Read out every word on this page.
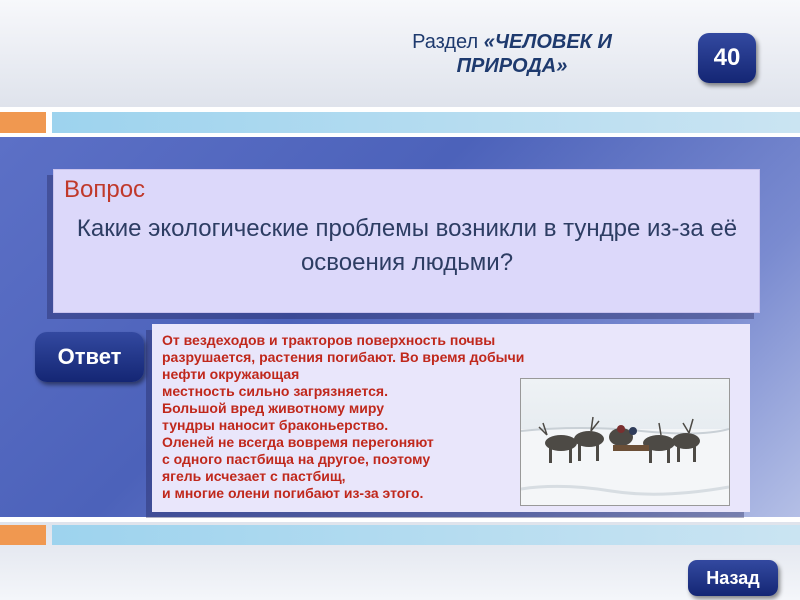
Раздел «ЧЕЛОВЕК И ПРИРОДА»	40
Вопрос
Какие экологические проблемы возникли в тундре из-за её освоения людьми?
Ответ
От вездеходов и тракторов поверхность почвы
разрушается, растения погибают. Во время добычи
нефти окружающая
местность сильно загрязняется.
Большой вред животному миру
тундры наносит браконьерство.
Оленей не всегда вовремя перегоняют
с одного пастбища на другое, поэтому
ягель исчезает с пастбищ,
и многие олени погибают из-за этого.
Назад
